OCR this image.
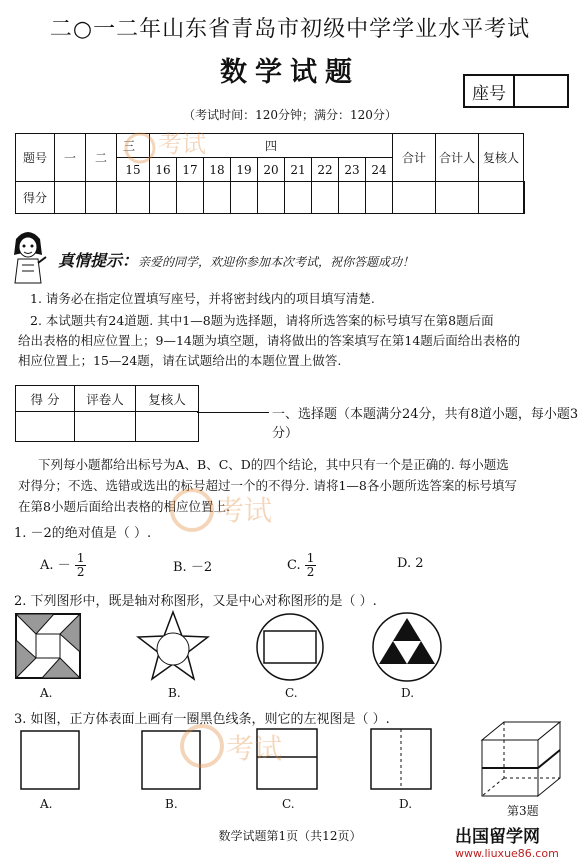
二○一二年山东省青岛市初级中学学业水平考试
数学试题
座号
（考试时间：120分钟；满分：120分）
题号	一	二	三	四									合计	合计人	复核人	
			15	16	17	18	19	20	21	22	23	24				
得分																
真情提示：亲爱的同学，欢迎你参加本次考试，祝你答题成功！
1. 请务必在指定位置填写座号，并将密封线内的项目填写清楚.
2. 本试题共有24道题. 其中1—8题为选择题，请将所选答案的标号填写在第8题后面
给出表格的相应位置上；9—14题为填空题，请将做出的答案填写在第14题后面给出表格的
相应位置上；15—24题，请在试题给出的本题位置上做答.
得 分	评卷人	复核人

一、选择题（本题满分24分，共有8道小题，每小题3分）
下列每小题都给出标号为A、B、C、D的四个结论，其中只有一个是正确的. 每小题选
对得分；不选、选错或选出的标号超过一个的不得分. 请将1—8各小题所选答案的标号填写
在第8小题后面给出表格的相应位置上.
1. －2的绝对值是（ ）.
A. － $\frac{1}{2}$	B. －2	C. $\frac{1}{2}$	D. 2
2. 下列图形中，既是轴对称图形，又是中心对称图形的是（ ）.
A.	B.	C.	D.
3. 如图，正方体表面上画有一圈黑色线条，则它的左视图是（ ）.
A.	B.	C.	D.	第3题
考试
考试
考试
数学试题第1页（共12页）	出国留学网
www.liuxue86.com
